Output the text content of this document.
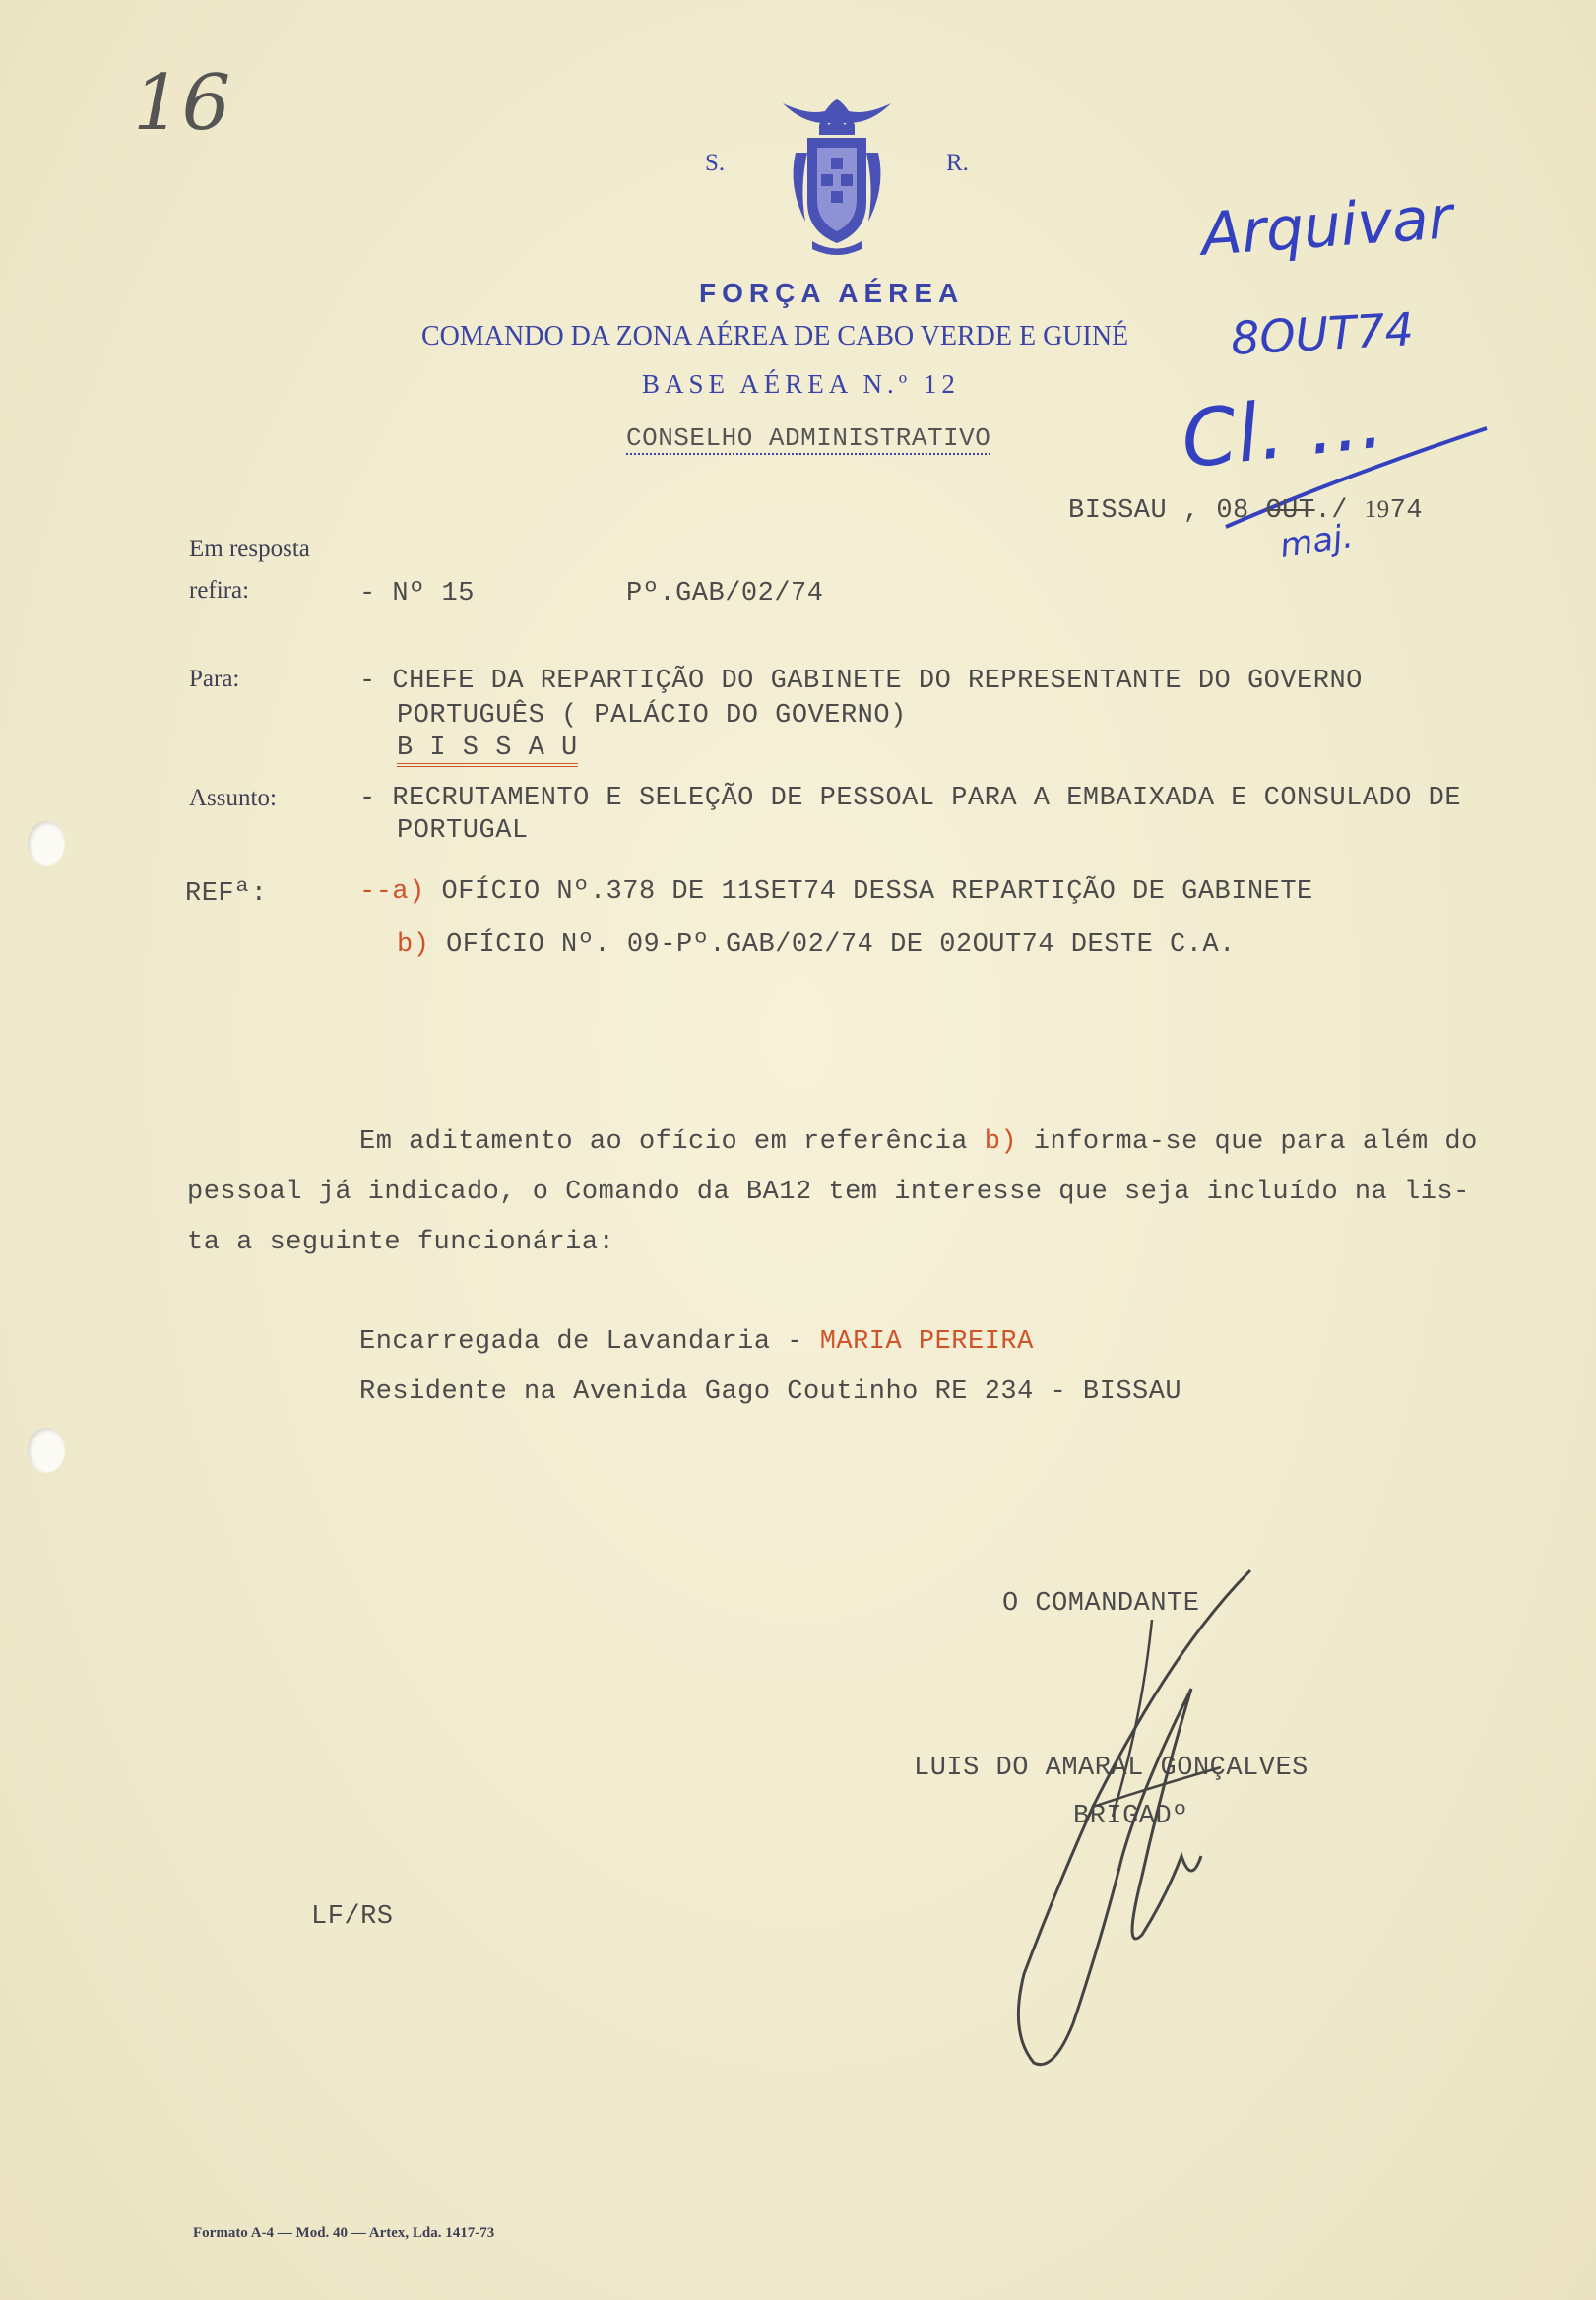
16
S.	R.
FORÇA AÉREA
COMANDO DA ZONA AÉREA DE CABO VERDE E GUINÉ
BASE AÉREA N.º 12
CONSELHO ADMINISTRATIVO
Arquivar
8OUT74
Cl. ...
maj.
BISSAU , 08 OUT./ 1974
Em resposta
refira:
Para:
Assunto:
REFª:
- Nº 15	Pº.GAB/02/74
- CHEFE DA REPARTIÇÃO DO GABINETE DO REPRESENTANTE DO GOVERNO
PORTUGUÊS ( PALÁCIO DO GOVERNO)
B I S S A U
- RECRUTAMENTO E SELEÇÃO DE PESSOAL PARA A EMBAIXADA E CONSULADO DE
PORTUGAL
--a) OFÍCIO Nº.378 DE 11SET74 DESSA REPARTIÇÃO DE GABINETE
b) OFÍCIO Nº. 09-Pº.GAB/02/74 DE 02OUT74 DESTE C.A.
Em aditamento ao ofício em referência b) informa-se que para além do
pessoal já indicado, o Comando da BA12 tem interesse que seja incluído na lis-
ta a seguinte funcionária:
Encarregada de Lavandaria - MARIA PEREIRA
Residente na Avenida Gago Coutinho RE 234 - BISSAU
O COMANDANTE
LUIS DO AMARAL GONÇALVES
BRIGADº
LF/RS
Formato A-4 — Mod. 40 — Artex, Lda. 1417-73
